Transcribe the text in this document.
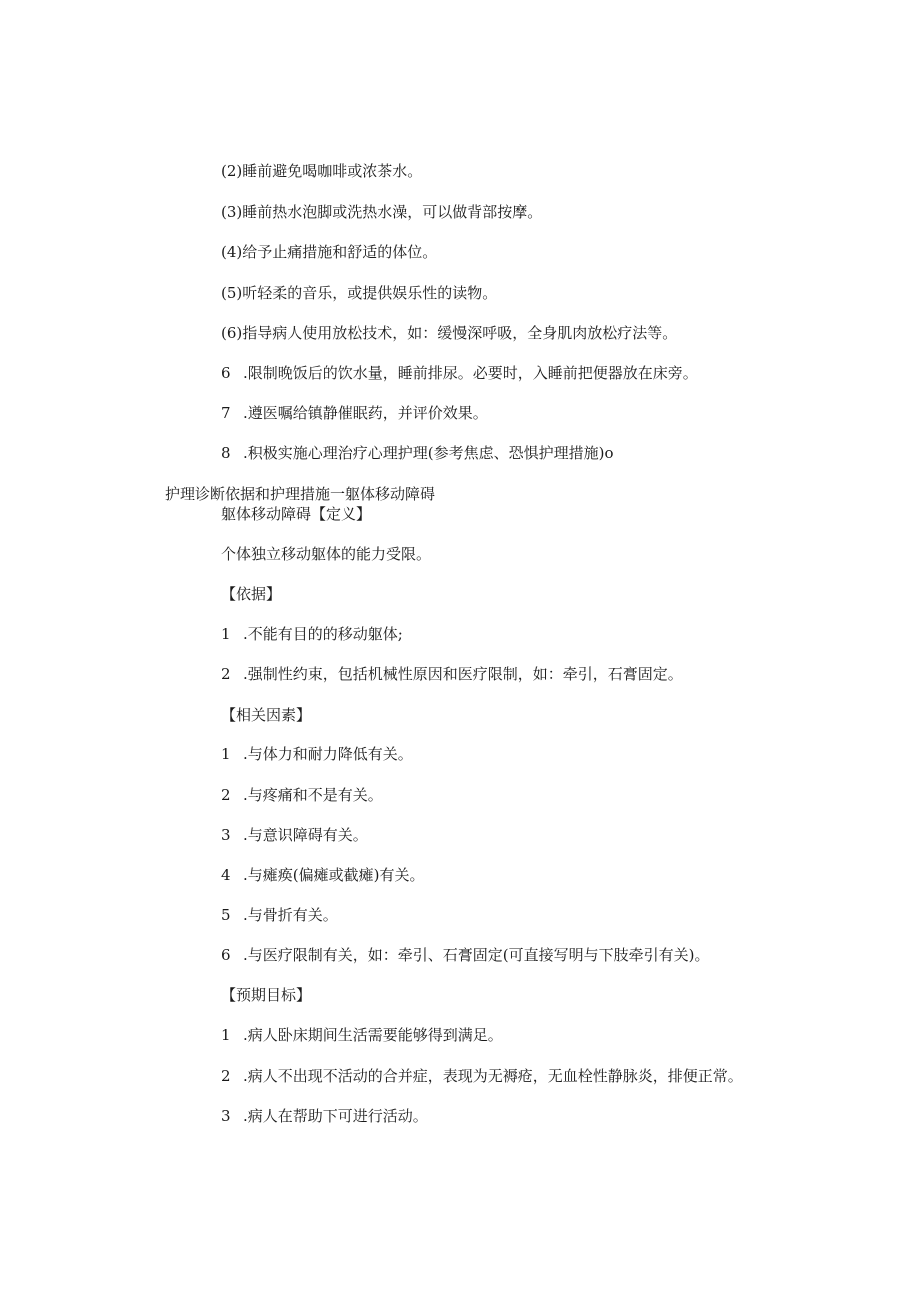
(2)睡前避免喝咖啡或浓茶水。
(3)睡前热水泡脚或洗热水澡，可以做背部按摩。
(4)给予止痛措施和舒适的体位。
(5)听轻柔的音乐，或提供娱乐性的读物。
(6)指导病人使用放松技术，如：缓慢深呼吸，全身肌肉放松疗法等。
6 .限制晚饭后的饮水量，睡前排尿。必要时，入睡前把便器放在床旁。
7 .遵医嘱给镇静催眠药，并评价效果。
8 .积极实施心理治疗心理护理(参考焦虑、恐惧护理措施)o
护理诊断依据和护理措施一躯体移动障碍
躯体移动障碍【定义】
个体独立移动躯体的能力受限。
【依据】
1 .不能有目的的移动躯体;
2 .强制性约束，包括机械性原因和医疗限制，如：牵引，石膏固定。
【相关因素】
1 .与体力和耐力降低有关。
2 .与疼痛和不是有关。
3 .与意识障碍有关。
4 .与瘫痪(偏瘫或截瘫)有关。
5 .与骨折有关。
6 .与医疗限制有关，如：牵引、石膏固定(可直接写明与下肢牵引有关)。
【预期目标】
1 .病人卧床期间生活需要能够得到满足。
2 .病人不出现不活动的合并症，表现为无褥疮，无血栓性静脉炎，排便正常。
3 .病人在帮助下可进行活动。
